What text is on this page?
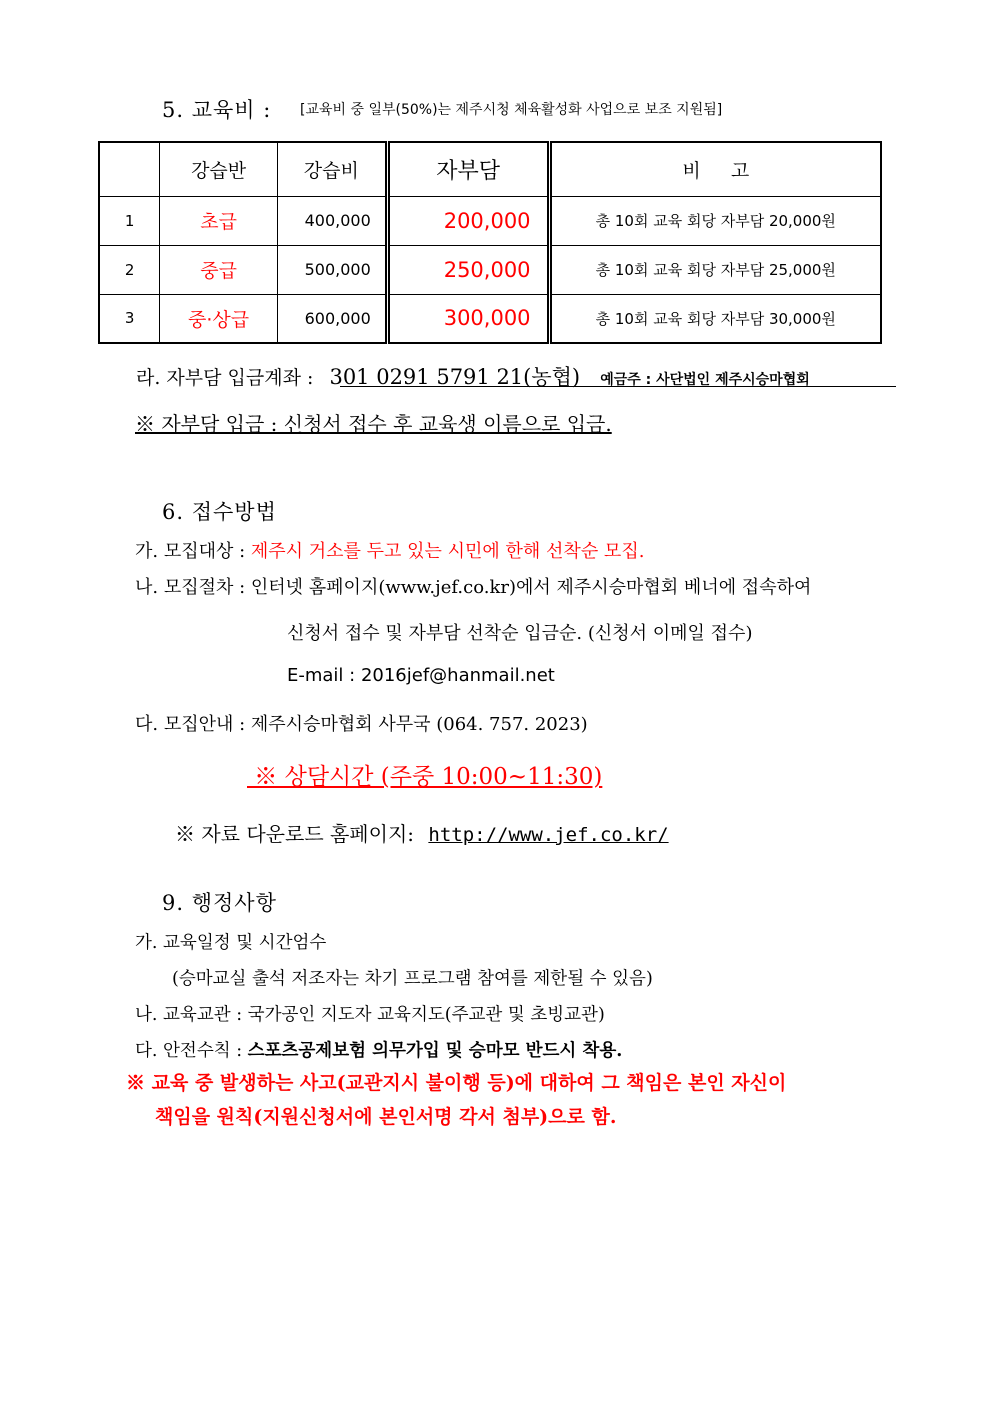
5. 교육비 : [교육비 중 일부(50%)는 제주시청 체육활성화 사업으로 보조 지원됨]
	강습반	강습비	자부담	비     고
1	초급	400,000	200,000	총 10회 교육 회당 자부담 20,000원
2	중급	500,000	250,000	총 10회 교육 회당 자부담 25,000원
3	중·상급	600,000	300,000	총 10회 교육 회당 자부담 30,000원
라. 자부담 입금계좌 : 301 0291 5791 21(농협) 예금주 : 사단법인 제주시승마협회
※ 자부담 입금 : 신청서 접수 후 교육생 이름으로 입금.
6. 접수방법
가. 모집대상 : 제주시 거소를 두고 있는 시민에 한해 선착순 모집.
나. 모집절차 : 인터넷 홈페이지(www.jef.co.kr)에서 제주시승마협회 베너에 접속하여
신청서 접수 및 자부담 선착순 입금순. (신청서 이메일 접수)
E-mail : 2016jef@hanmail.net
다. 모집안내 : 제주시승마협회 사무국 (064. 757. 2023)
※ 상담시간 (주중 10:00~11:30)
※ 자료 다운로드 홈페이지: http://www.jef.co.kr/
9. 행정사항
가. 교육일정 및 시간엄수
(승마교실 출석 저조자는 차기 프로그램 참여를 제한될 수 있음)
나. 교육교관 : 국가공인 지도자 교육지도(주교관 및 초빙교관)
다. 안전수칙 : 스포츠공제보험 의무가입 및 승마모 반드시 착용.
※ 교육 중 발생하는 사고(교관지시 불이행 등)에 대하여 그 책임은 본인 자신이
책임을 원칙(지원신청서에 본인서명 각서 첨부)으로 함.
